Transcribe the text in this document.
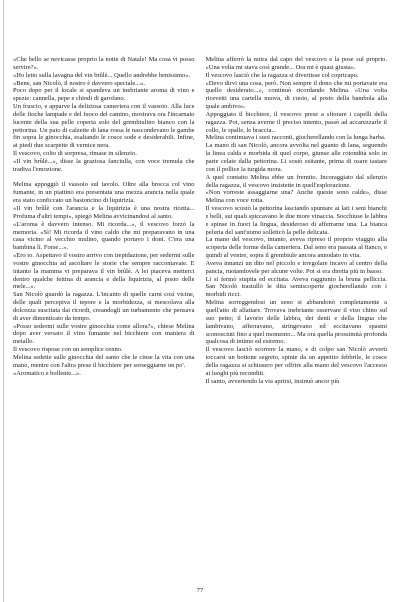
«Che bello se nevicasse proprio la notte di Natale! Ma cosa vi posso servire?».

«Ho letto sulla lavagna del vin brûlè... Quello andrebbe benissimo».

«Bene, san Nicolò, il nostro è davvero speciale...».

Poco dopo per il locale si spandeva un inebriante aroma di vino e spezie: cannella, pepe e chiodi di garofano.

Un fruscio, e apparve la deliziosa cameriera con il vassoio. Alla luce delle fioche lampade e del fuoco del camino, mostrava ora l'incarnato lucente della sua pelle coperta solo del grembiulino bianco con la pettorina. Un paio di calzette di lana rossa le nascondevano le gambe fin sopra le ginocchia, esaltando le cosce sode e desiderabili. Infine, ai piedi due scarpette di vernice nera.

Il vescovo, colto di sorpresa, rimase in silenzio.

«Il vin brûlè...», disse la graziosa fanciulla, con voce tremula che tradiva l'emozione.

Melina appoggiò il vassoio sul tavolo. Oltre alla brocca col vino fumante, in un piattino era presentata una mezza arancia nella quale era stato conficcato un bastoncino di liquirizia.

«Il vin brûlè con l'arancia e la liquirizia è una nostra ricetta... Profuma d'altri tempi», spiegò Melina avvicinandosi al santo.

«L'aroma è davvero intenso. Mi ricorda...», il vescovo forzò la memoria. «Sì! Mi ricorda il vino caldo che mi preparavano in una casa vicino al vecchio mulino, quando portavo i doni. C'era una bambina lì. Forse...».

«Ero io. Aspettavo il vostro arrivo con trepidazione, per sedermi sulle vostre ginocchia ad ascoltare le storie che sempre raccontavate. E intanto la mamma vi preparava il vin brûlè. A lei piaceva metterci dentro qualche fettina di arancia e della liquirizia, al posto delle mele...».

San Nicolò guardò la ragazza. L'incanto di quelle carni così vicine, delle quali percepiva il tepore e la morbidezza, si mescolava alla dolcezza suscitata dai ricordi, creandogli un turbamento che pensava di aver dimenticato da tempo.

«Posso sedermi sulle vostre ginocchia come allora?», chiese Melina dopo aver versato il vino fumante nel bicchiere con maniera di metallo.

Il vescovo rispose con un semplice cenno.

Melina sedette sulle ginocchia del santo che le cinse la vita con una mano, mentre con l'altra prese il bicchiere per sorseggiarne un po'.

«Aromatico e bollente...».

Melina afferrò la mitra dal capo del vescovo e la pose sul proprio. «Una volta mi stava così grande... Ora mi è quasi giusta».

Il vescovo lasciò che la ragazza si divertisse col copricapo.

«Devo dirvi una cosa, però. Non sempre il dono che mi portavate era quello desiderato...», continuò ricordando Melina. «Una volta ricevetti una cartella nuova, di cuoio, al posto della bambola alla quale ambivo».

Appoggiato il bicchiere, il vescovo prese a sfiorare i capelli della ragazza. Poi, senza averne il preciso intento, passò ad accarezzarle il collo, le spalle, le braccia...

Melina continuava i suoi racconti, giocherellando con la lunga barba.

La mano di san Nicolò, ancora avvolta nel guanto di lana, seguendo la linea calda e morbida di quel corpo, giunse alle rotondità solo in parte celate dalla pettorina. Li sostò esitante, prima di osare tastare con il pollice la turgida mora.

A quel contatto Melina ebbe un fremito. Incoraggiato dal silenzio della ragazza, il vescovo insistette in quell'esplorazione.

«Non vorreste assaggiarne una? Anche queste sono calde», disse Melina con voce rotta.

Il vescovo scostò la pettorina lasciando spuntare ai lati i seni bianchi e belli, sui quali spiccavano le due more vinaccia. Socchiuse le labbra e spinse in fuori la lingua, desideroso di afferrarne una. La bianca peluria del sant'uomo solleticò la pelle delicata.

La mano del vescovo, intanto, aveva ripreso il proprio viaggio alla scoperta delle forme della cameriera. Dal seno era passata al fianco, e quindi al ventre, sopra il grembiule ancora annodato in vita.

Aveva innanzi un dito nel piccolo e irregolare incavo al centro della pancia, ruotandovele per alcune volte. Poi si era diretta più in basso.

Lì si fermò stupita ed eccitata. Aveva raggiunto la bruna pelliccia. San Nicolò trastullò le dita semiscoperte giocherellando con i morbidi ricci.

Melina sorreggendosi un seno si abbandonò completamente a quell'atto di allattare. Trovava inebriante osservare il viso chino sul suo petto; il lavorio delle labbra, dei denti e della lingua che lambivano, afferravano, stringevano ed eccitavano spasmi sconosciuti fino a quel momento... Ma ora quella prossimità profonda qualcosa di intimo ed estremo.

Il vescovo lasciò scorrere la mano, e di colpo san Nicolò avvertì toccarsi un bottone segreto, spinte da un appetito febbrile, le cosce della ragazza si schiusero per offrire alla mano del vescovo l'accesso ai luoghi più reconditi.

Il santo, avvertendo la via aprirsi, insinuò ancor più

77
